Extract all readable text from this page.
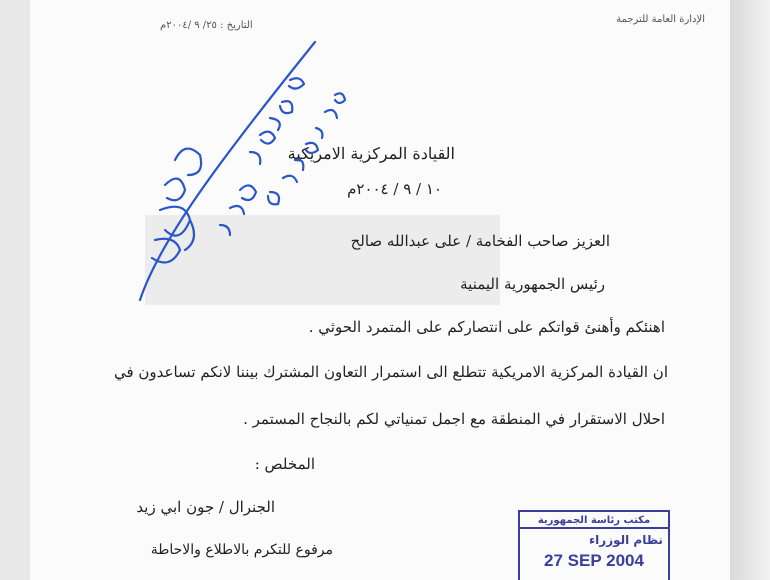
الإدارة العامة للترجمة
التاريخ : ٢٥/ ٩ /٢٠٠٤م
القيادة المركزية الامريكية
١٠ / ٩ / ٢٠٠٤م
العزيز صاحب الفخامة / على عبدالله صالح
رئيس الجمهورية اليمنية
اهنئكم وأهنئ قواتكم على انتصاركم على المتمرد الحوثي .
ان القيادة المركزية الامريكية تتطلع الى استمرار التعاون المشترك بيننا لانكم تساعدون في
احلال الاستقرار في المنطقة مع اجمل تمنياتي لكم بالنجاح المستمر .
المخلص :
الجنرال / جون ابي زيد
مرفوع للتكرم بالاطلاع والاحاطة
مكتب رئاسة الجمهورية
نظام الوزراء
27 SEP 2004
